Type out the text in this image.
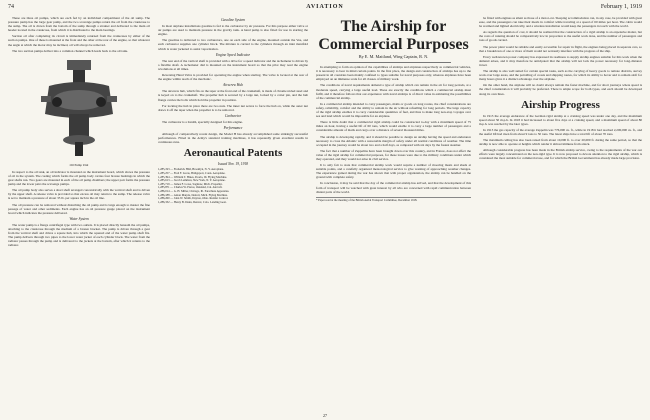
74	AVIATION	February 1, 1919

These are three oil pumps, which are each fed by an individual compartment of the oil sump. The pressure pump has the large gear pump, and the two scavenge pumps return the oil from the crankcase to the sump. The oil is drawn from the bottom of the sump through a strainer and delivered to the main oil header located in the crankcase, from which it is distributed to the main bearings.

Suction oil after completing its circuit is immediately returned from the crankcases by either of the suction pumps. One of these is mounted at the front and the other at the rear of the engine, so that whatever the angle at which the motor may be inclined, oil will always be removed.

The two suction pumps deliver into a common channel which leads back to the oil tank.

Oil Pump Unit

In respect to the oil tank, an oil indicator is mounted on the instrument board, which shows the pressure of oil in the system. The casting which forms the oil pump body carries four bronze bushings in which the gear shafts run. Two gears are mounted in each of the oil pump chambers; the upper pair forms the pressure pump and the lower pairs the scavenge pumps.

The oil pump body also serves a short shaft arranged concentrically with the vertical shaft and is driven by the upper shaft. A release valve is provided so that excess oil may return to the sump. The release valve is set to maintain a pressure of about 35 lb. per square inch in the oil line.

The oil pressure can be removed without disturbing the oil pump and is large enough to master the fine passage of water and other sediments. Each engine has an oil pressure gauge placed on the instrument board which indicates the pressure delivered.

Water System

The water pump is a flange centrifugal type with two outlets. It is placed directly beneath the oil pumps, attaching to the crankcase through the medium of a bronze bracket. The pump is driven through a gear from the vertical shaft and drives a square hub, into which the squared end of the water pump shaft fits. The pump delivers through two pipes to the lower water jacket of each cylinder block. The water from the radiator passes through the pump and is delivered to the jackets at the bottom, after which it returns to the radiator.

Gasoline System

In most airplane installations gasoline is fed to the carburetor by air pressure. For this purpose either valve or air pumps are used to maintain pressure in the gravity tank. A hand pump is also fitted for use in starting the engine.

The gasoline is delivered to two carburetors, one on each side of the engine, mounted outside the Vee, and each carburetor supplies one cylinder block. The mixture is carried to the cylinders through an inlet manifold which is water jacketed to assist vaporization.

Engine Speed Indicator

The rear end of the vertical shaft is provided with a drive for a speed indicator and the tachometer is driven by a flexible shaft. A tachometer dial is mounted on the instrument board so that the pilot may read the engine revolutions at all times.

Reversing Hand Valve is provided for operating the engine when starting. The valve is located at the rear of the engine within reach of the mechanic.

Airscrew Hub

The airscrew hub, which fits on the taper at the front end of the crankshaft, is made of chrome nickel steel and is keyed on to the crankshaft. The propeller hub is secured by a large nut, locked by a cotter pin, and the hub flange carries the bolts which hold the propeller in position.

For locking the hub in place there are two nuts. The inner nut serves to force the hub on, while the outer nut draws it off the taper when the propeller is to be removed.

Carburetor

The carburetor is a Zenith, specially designed for this engine.

Performance

Although of comparatively recent design, the Model H has already accomplished some strikingly successful performances. Fitted in the Army's standard training machines, it has repeatedly given excellent results in continuous runs.

Aeronautical Patents
Issued Nov. 19, 1918

1,285,193 — Frederick Hild, Brooklyn, N. Y. Aeroplane.

1,285,257 — Fred F. Lucas, Bridgeport, Conn. Aeroplane.

1,285,394 — William T. Hines, Peoria, Ill. Flying Machine.

1,285,613 — Jacob Lemmon, New York, N. Y. Aeroplane.

1,285,719 — James F. Lowe, Saginaw, Mich. Propeller.

1,285,871 — Charles W. Pierce, Oakland, Cal. Aircraft.

1,286,014 — G. H. Miller, Chicago, Ill. Parachute Apparatus.

1,286,188 — Anton Marple, Detroit, Mich. Flying Machine.

1,286,260 — John W. Smith, Dayton, Ohio. Rudder Control.

1,286,332 — Henry B. Dunn, Denver, Colo. Landing Gear.

The Airship for Commercial Purposes
By E. M. Maitland, Wing Captain, R. N.

In attempting to form an opinion of the capabilities of airships and airplanes respectively as commercial vehicles, it is necessary to bear in mind certain points. In the first place, the design and construction of airships has up to the present in all countries been mainly confined to types suitable for naval purposes only, whereas airplanes have been employed on an immense scale for all classes of military work.

The conditions of naval requirements demand a type of airship which can remain in the air for long periods, at a moderate speed, carrying a large useful load. These are exactly the conditions which a commercial airship must fulfil, and it therefore follows that our experience with naval airships is of direct value in estimating the possibilities of the commercial airship.

In a commercial airship intended to carry passengers, mails or goods on long routes, the chief considerations are safety, reliability, comfort and the ability to remain in the air without refuelling for long periods. The large capacity of the rigid airship enables it to carry considerable quantities of fuel, and thus to make long non-stop voyages over sea and land which would be impossible for an airplane.

There is little doubt that a commercial rigid airship could be constructed to-day with a maximum speed of 75 miles an hour, having a useful lift of 60 tons, which would enable it to carry a large number of passengers and a considerable amount of mails and cargo over a distance of several thousand miles.

The airship is developing rapidly, and it should be possible to design an airship having the speed and endurance necessary to cross the Atlantic with a reasonable margin of safety under all normal conditions of weather. The time occupied in the journey would be about two and a half days, as compared with six days by the fastest steamer.

The fact that a number of Zeppelins have been brought down over this country, and in France, does not affect the value of the rigid airship for commercial purposes, for these losses were due to the military conditions under which they operated, and they would not arise in civil service.

It is only fair to state that commercial airship work would require a number of mooring masts and sheds at suitable points, and a carefully organized meteorological service to give warning of approaching weather changes. The experience gained during the war has shown that with proper organization, the airship can be handled on the ground with complete safety.

In conclusion, it may be said that the day of the commercial airship has arrived, and that the development of this form of transport will be watched with great interest by all who are concerned with rapid communication between distant parts of the world.

* Paper read at the meeting of the British Aerial Transport Committee, December 1918.

be fitted with engines as silent as those of a motor-car. Sleeping accommodation can, in any case, be provided with great ease, and the passengers can take their meals in comfort while traveling at a speed of 60 miles per hour. The cabin would be warmed and lighted electrically, and a wireless installation would keep the passengers in touch with the world.

As regards the question of cost, it should be realized that the construction of a rigid airship is an expensive matter, but the costs of running should be comparatively low in proportion to the useful work done, and the number of passengers and tons of goods carried.

The power plant would be reliable and easily accessible for repair in flight, the engines being placed in separate cars, so that a breakdown of one or more of them would not seriously interfere with the progress of the ship.

Every well-known power company has expressed its readiness to supply airship engines suitable for this work when the demand arises, and it may therefore be anticipated that the airship will not lack the power necessary for long-distance travel.

The airship is also well suited for certain special tasks, such as the carrying of heavy goods to remote districts, survey work over large areas, and the patrolling of coasts and shipping routes, for which its ability to hover and to remain aloft for many hours gives it a distinct advantage over the airplane.

On the other hand, the airplane will no doubt always remain the faster machine, and for short journeys where speed is the chief consideration it will probably be preferred. There is ample scope for both types, and each should be developed along its own lines.

Airship Progress

In 1913 the average endurance of the German rigid airship at a cruising speed was under one day, and the maximum speed about 50 m.p.h. In 1918 it had increased to about five days at a cruising speed, and a maximum speed of about 80 m.p.h. was reached by the later types.

In 1913 the gas capacity of the average Zeppelin was 776,000 cu. ft., while in 1918 it had reached 2,200,000 cu. ft., and the useful lift had risen from about 9 tons to 50 tons. The latest ships have a total lift of about 70 tons.

The maximum ceiling has also been raised from about 10,000 ft. to over 20,000 ft. during the same period, so that the airship is now able to operate at heights which render it almost immune from attack.

Although considerable progress has been made in the British airship service, owing to the requirements of the war our efforts were largely concentrated on the non-rigid type. It is now proposed to devote attention to the rigid airship, which is considered the most suitable for commercial use, and for which the British Government has already made large provision.

27
